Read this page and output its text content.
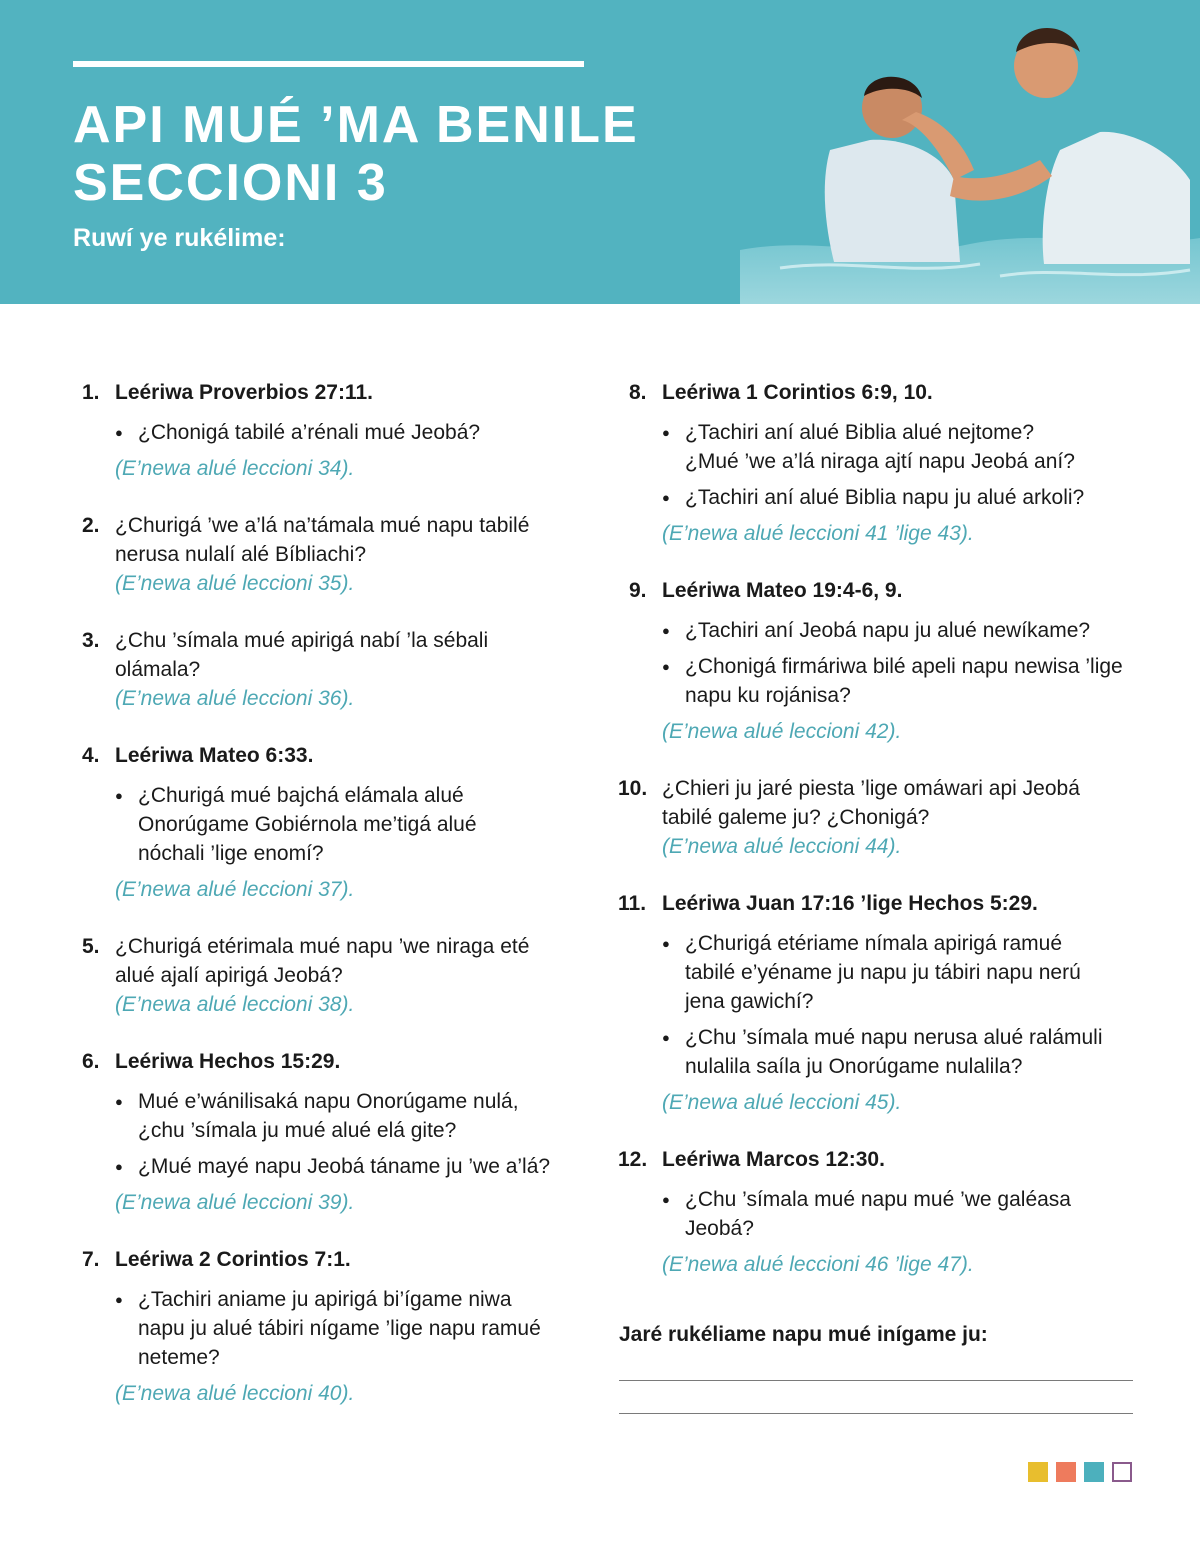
API MUÉ ’MA BENILE
SECCIONI 3

Ruwí ye rukélime:

1. Leériwa Proverbios 27:11.
● ¿Chonigá tabilé a’rénali mué Jeobá?
(E’newa alué leccioni 34).
2. ¿Churigá ’we a’lá na’támala mué napu tabilé nerusa nulalí alé Bíbliachi?
(E’newa alué leccioni 35).
3. ¿Chu ’símala mué apirigá nabí ’la sébali olámala?
(E’newa alué leccioni 36).
4. Leériwa Mateo 6:33.
● ¿Churigá mué bajchá elámala alué Onorúgame Gobiérnola me’tigá alué nóchali ’lige enomí?
(E’newa alué leccioni 37).
5. ¿Churigá etérimala mué napu ’we niraga eté alué ajalí apirigá Jeobá?
(E’newa alué leccioni 38).
6. Leériwa Hechos 15:29.
● Mué e’wánilisaká napu Onorúgame nulá, ¿chu ’símala ju mué alué elá gite?
● ¿Mué mayé napu Jeobá tánamе ju ’we a’lá?
(E’newa alué leccioni 39).
7. Leériwa 2 Corintios 7:1.
● ¿Tachiri aniame ju apirigá bi’ígame niwa napu ju alué tábiri nígame ’lige napu ramué neteme?
(E’newa alué leccioni 40).
8. Leériwa 1 Corintios 6:9, 10.
● ¿Tachiri aní alué Biblia alué nejtome? ¿Mué ’we a’lá niraga ajtí napu Jeobá aní?
● ¿Tachiri aní alué Biblia napu ju alué arkoli?
(E’newa alué leccioni 41 ’lige 43).
9. Leériwa Mateo 19:4-6, 9.
● ¿Tachiri aní Jeobá napu ju alué newíkame?
● ¿Chonigá firmáriwa bilé apeli napu newisa ’lige napu ku rojánisa?
(E’newa alué leccioni 42).
10. ¿Chieri ju jaré piesta ’lige omáwari api Jeobá tabilé galeme ju? ¿Chonigá?
(E’newa alué leccioni 44).
11. Leériwa Juan 17:16 ’lige Hechos 5:29.
● ¿Churigá etériame nímala apirigá ramué tabilé e’yéname ju napu ju tábiri napu nerú jena gawichí?
● ¿Chu ’símala mué napu nerusa alué ralámuli nulalila saíla ju Onorúgame nulalila?
(E’newa alué leccioni 45).
12. Leériwa Marcos 12:30.
● ¿Chu ’símala mué napu mué ’we galéasa Jeobá?
(E’newa alué leccioni 46 ’lige 47).

Jaré rukéliame napu mué inígame ju:
